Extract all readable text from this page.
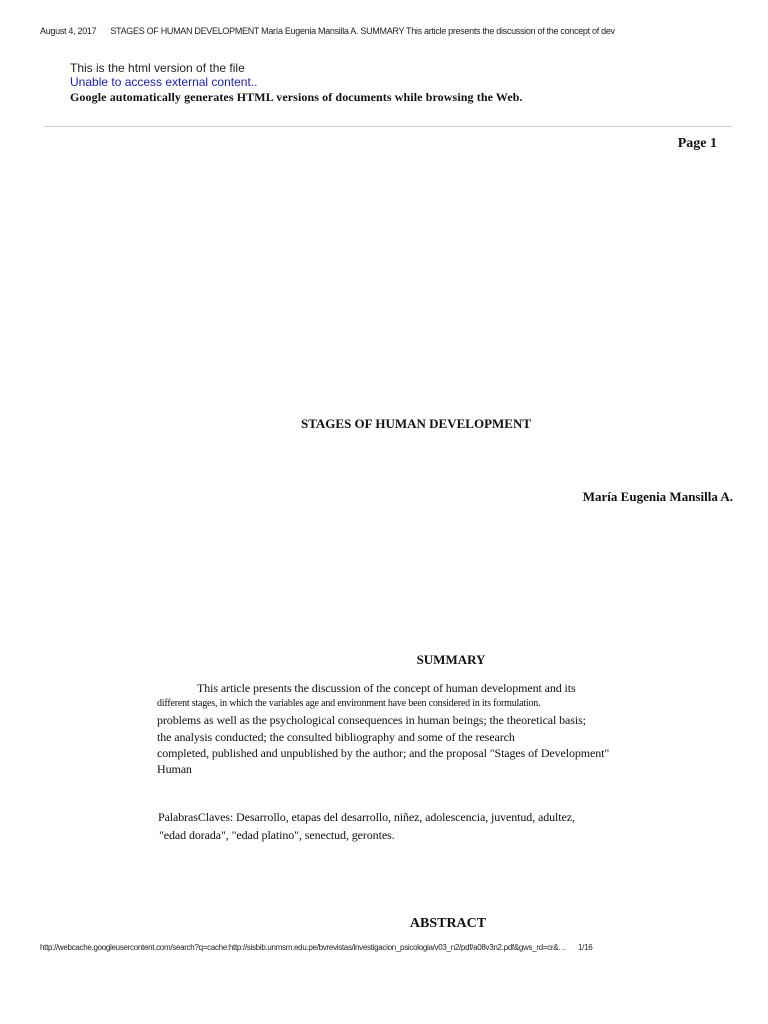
August 4, 2017 STAGES OF HUMAN DEVELOPMENT María Eugenia Mansilla A. SUMMARY This article presents the discussion of the concept of dev
This is the html version of the file
Unable to access external content..
Google automatically generates HTML versions of documents while browsing the Web.
Page 1
STAGES OF HUMAN DEVELOPMENT
María Eugenia Mansilla A.
SUMMARY
This article presents the discussion of the concept of human development and its
different stages, in which the variables age and environment have been considered in its formulation.
problems as well as the psychological consequences in human beings; the theoretical basis;
the analysis conducted; the consulted bibliography and some of the research
completed, published and unpublished by the author; and the proposal "Stages of Development"
Human
PalabrasClaves: Desarrollo, etapas del desarrollo, niñez, adolescencia, juventud, adultez,
"edad dorada", "edad platino", senectud, gerontes.
ABSTRACT
http://webcache.googleusercontent.com/search?q=cache:http://sisbib.unmsm.edu.pe/bvrevistas/investigacion_psicologia/v03_n2/pdf/a08v3n2.pdf&gws_rd=cr&… 1/16
